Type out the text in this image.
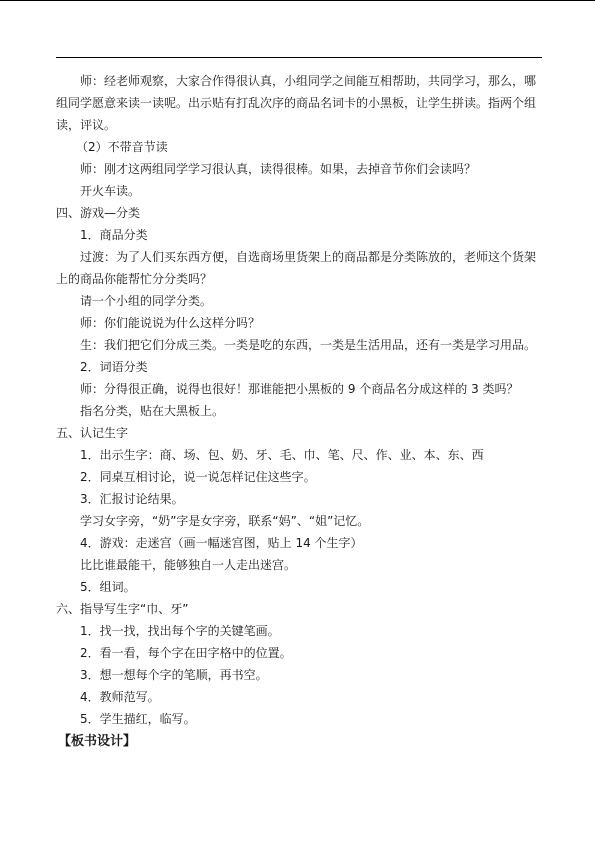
师：经老师观察，大家合作得很认真，小组同学之间能互相帮助，共同学习，那么，哪

组同学愿意来读一读呢。出示贴有打乱次序的商品名词卡的小黑板，让学生拼读。指两个组

读，评议。

（2）不带音节读

师：刚才这两组同学学习很认真，读得很棒。如果，去掉音节你们会读吗？

开火车读。

四、游戏—分类

1．商品分类

过渡：为了人们买东西方便，自选商场里货架上的商品都是分类陈放的，老师这个货架

上的商品你能帮忙分分类吗？

请一个小组的同学分类。

师：你们能说说为什么这样分吗？

生：我们把它们分成三类。一类是吃的东西，一类是生活用品，还有一类是学习用品。

2．词语分类

师：分得很正确，说得也很好！那谁能把小黑板的 9 个商品名分成这样的 3 类吗？

指名分类，贴在大黑板上。

五、认记生字

1．出示生字：商、场、包、奶、牙、毛、巾、笔、尺、作、业、本、东、西

2．同桌互相讨论，说一说怎样记住这些字。

3．汇报讨论结果。

学习女字旁，“奶”字是女字旁，联系“妈”、“姐”记忆。

4．游戏：走迷宫（画一幅迷宫图，贴上 14 个生字）

比比谁最能干，能够独自一人走出迷宫。

5．组词。

六、指导写生字“巾、牙”

1．找一找，找出每个字的关键笔画。

2．看一看，每个字在田字格中的位置。

3．想一想每个字的笔顺，再书空。

4．教师范写。

5．学生描红，临写。

【板书设计】
